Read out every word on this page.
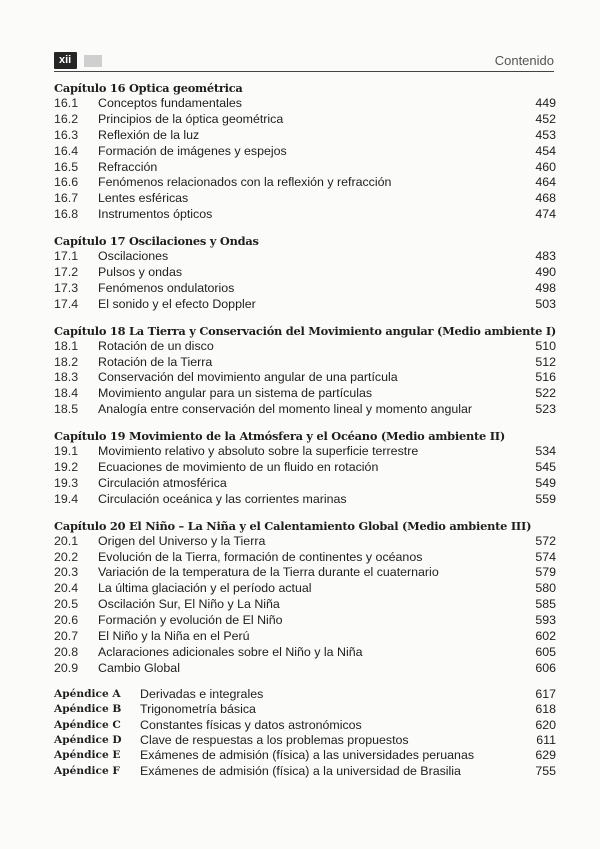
xii	Contenido
Capítulo 16 Optica geométrica
16.1	Conceptos fundamentales	449
16.2	Principios de la óptica geométrica	452
16.3	Reflexión de la luz	453
16.4	Formación de imágenes y espejos	454
16.5	Refracción	460
16.6	Fenómenos relacionados con la reflexión y refracción	464
16.7	Lentes esféricas	468
16.8	Instrumentos ópticos	474
Capítulo 17 Oscilaciones y Ondas
17.1	Oscilaciones	483
17.2	Pulsos y ondas	490
17.3	Fenómenos ondulatorios	498
17.4	El sonido y el efecto Doppler	503
Capítulo 18 La Tierra y Conservación del Movimiento angular (Medio ambiente I)
18.1	Rotación de un disco	510
18.2	Rotación de la Tierra	512
18.3	Conservación del movimiento angular de una partícula	516
18.4	Movimiento angular para un sistema de partículas	522
18.5	Analogía entre conservación del momento lineal y momento angular	523
Capítulo 19 Movimiento de la Atmósfera y el Océano (Medio ambiente II)
19.1	Movimiento relativo y absoluto sobre la superficie terrestre	534
19.2	Ecuaciones de movimiento de un fluido en rotación	545
19.3	Circulación atmosférica	549
19.4	Circulación oceánica y las corrientes marinas	559
Capítulo 20 El Niño – La Niña y el Calentamiento Global (Medio ambiente III)
20.1	Origen del Universo y la Tierra	572
20.2	Evolución de la Tierra, formación de continentes y océanos	574
20.3	Variación de la temperatura de la Tierra durante el cuaternario	579
20.4	La última glaciación y el período actual	580
20.5	Oscilación Sur, El Niño y La Niña	585
20.6	Formación y evolución de El Niño	593
20.7	El Niño y la Niña en el Perú	602
20.8	Aclaraciones adicionales sobre el Niño y la Niña	605
20.9	Cambio Global	606
Apéndice A	Derivadas e integrales	617
Apéndice B	Trigonometría básica	618
Apéndice C	Constantes físicas y datos astronómicos	620
Apéndice D	Clave de respuestas a los problemas propuestos	611
Apéndice E	Exámenes de admisión (física) a las universidades peruanas	629
Apéndice F	Exámenes de admisión (física) a la universidad de Brasilia	755
